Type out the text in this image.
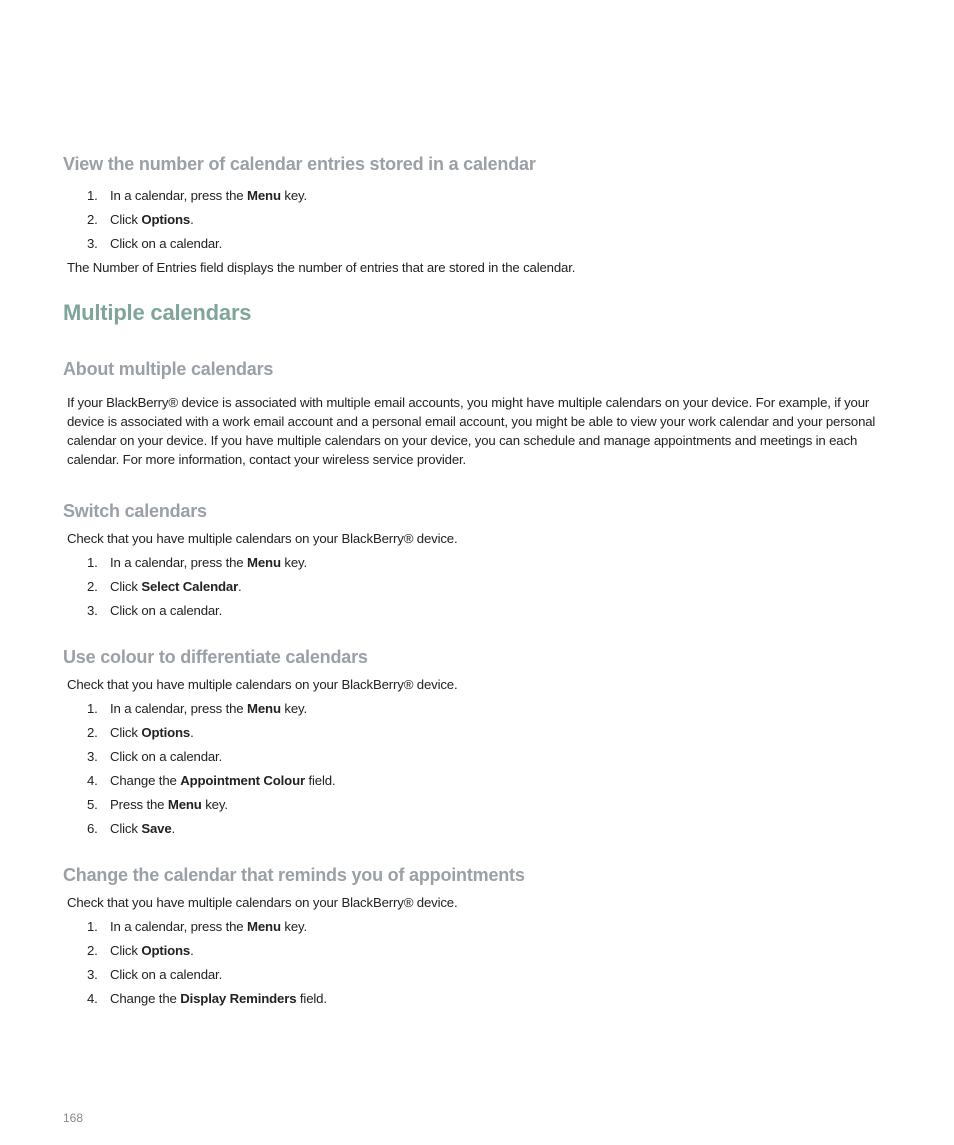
View the number of calendar entries stored in a calendar
1. In a calendar, press the Menu key.
2. Click Options.
3. Click on a calendar.

The Number of Entries field displays the number of entries that are stored in the calendar.

Multiple calendars
About multiple calendars

If your BlackBerry® device is associated with multiple email accounts, you might have multiple calendars on your device. For example, if your device is associated with a work email account and a personal email account, you might be able to view your work calendar and your personal calendar on your device. If you have multiple calendars on your device, you can schedule and manage appointments and meetings in each calendar. For more information, contact your wireless service provider.

Switch calendars

Check that you have multiple calendars on your BlackBerry® device.

1. In a calendar, press the Menu key.
2. Click Select Calendar.
3. Click on a calendar.
Use colour to differentiate calendars

Check that you have multiple calendars on your BlackBerry® device.

1. In a calendar, press the Menu key.
2. Click Options.
3. Click on a calendar.
4. Change the Appointment Colour field.
5. Press the Menu key.
6. Click Save.
Change the calendar that reminds you of appointments

Check that you have multiple calendars on your BlackBerry® device.

1. In a calendar, press the Menu key.
2. Click Options.
3. Click on a calendar.
4. Change the Display Reminders field.
168
